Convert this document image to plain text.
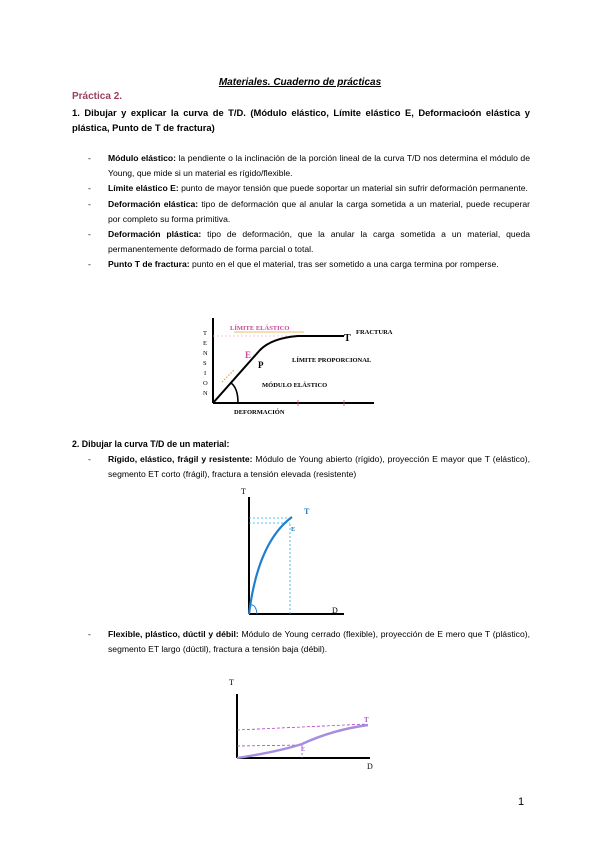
Materiales. Cuaderno de prácticas
Práctica 2.
1. Dibujar y explicar la curva de T/D. (Módulo elástico, Límite elástico E, Deformacioón elástica y plástica, Punto de T de fractura)
- Módulo elástico: la pendiente o la inclinación de la porción lineal de la curva T/D nos determina el módulo de Young, que mide si un material es rígido/flexible.
- Límite elástico E: punto de mayor tensión que puede soportar un material sin sufrir deformación permanente.
- Deformación elástica: tipo de deformación que al anular la carga sometida a un material, puede recuperar por completo su forma primitiva.
- Deformación plástica: tipo de deformación, que la anular la carga sometida a un material, queda permanentemente deformado de forma parcial o total.
- Punto T de fractura: punto en el que el material, tras ser sometido a una carga termina por romperse.
T
E
N
S
I
O
N
LÍMITE ELÁSTICO
FRACTURA
T
E
P	LÍMITE PROPORCIONAL
MÓDULO ELÁSTICO
DEFORMACIÓN
2. Dibujar la curva T/D de un material:
- Rígido, elástico, frágil y resistente: Módulo de Young abierto (rígido), proyección E mayor que T (elástico), segmento ET corto (frágil), fractura a tensión elevada (resistente)
T
T
E
D
- Flexible, plástico, dúctil y débil: Módulo de Young cerrado (flexible), proyección de E mero que T (plástico), segmento ET largo (dúctil), fractura a tensión baja (débil).
T
T
E
D
1
